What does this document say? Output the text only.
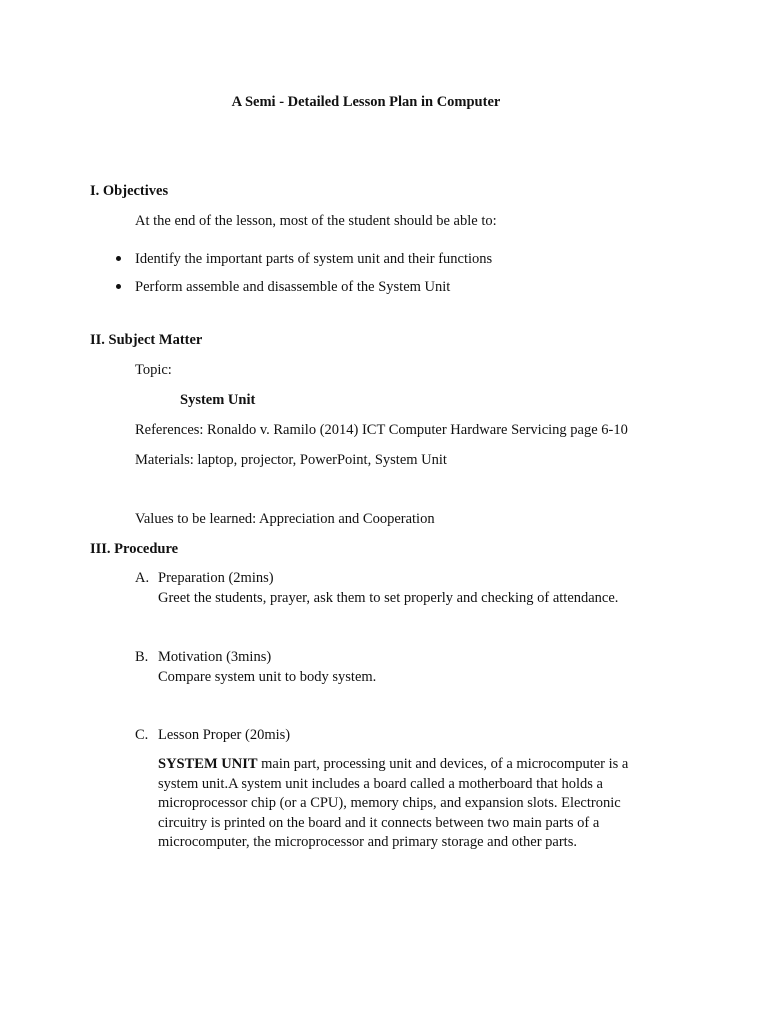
A Semi - Detailed Lesson Plan in Computer
I. Objectives
At the end of the lesson, most of the student should be able to:
Identify the important parts of system unit and their functions
Perform assemble and disassemble of the System Unit
II. Subject Matter
Topic:
System Unit
References: Ronaldo v. Ramilo (2014) ICT Computer Hardware Servicing page 6-10
Materials: laptop, projector, PowerPoint, System Unit
Values to be learned: Appreciation and Cooperation
III. Procedure
A. Preparation (2mins)
Greet the students, prayer, ask them to set properly and checking of attendance.
B. Motivation (3mins)
Compare system unit to body system.
C. Lesson Proper (20mis)
SYSTEM UNIT main part, processing unit and devices, of a microcomputer is a system unit.A system unit includes a board called a motherboard that holds a microprocessor chip (or a CPU), memory chips, and expansion slots. Electronic circuitry is printed on the board and it connects between two main parts of a microcomputer, the microprocessor and primary storage and other parts.
